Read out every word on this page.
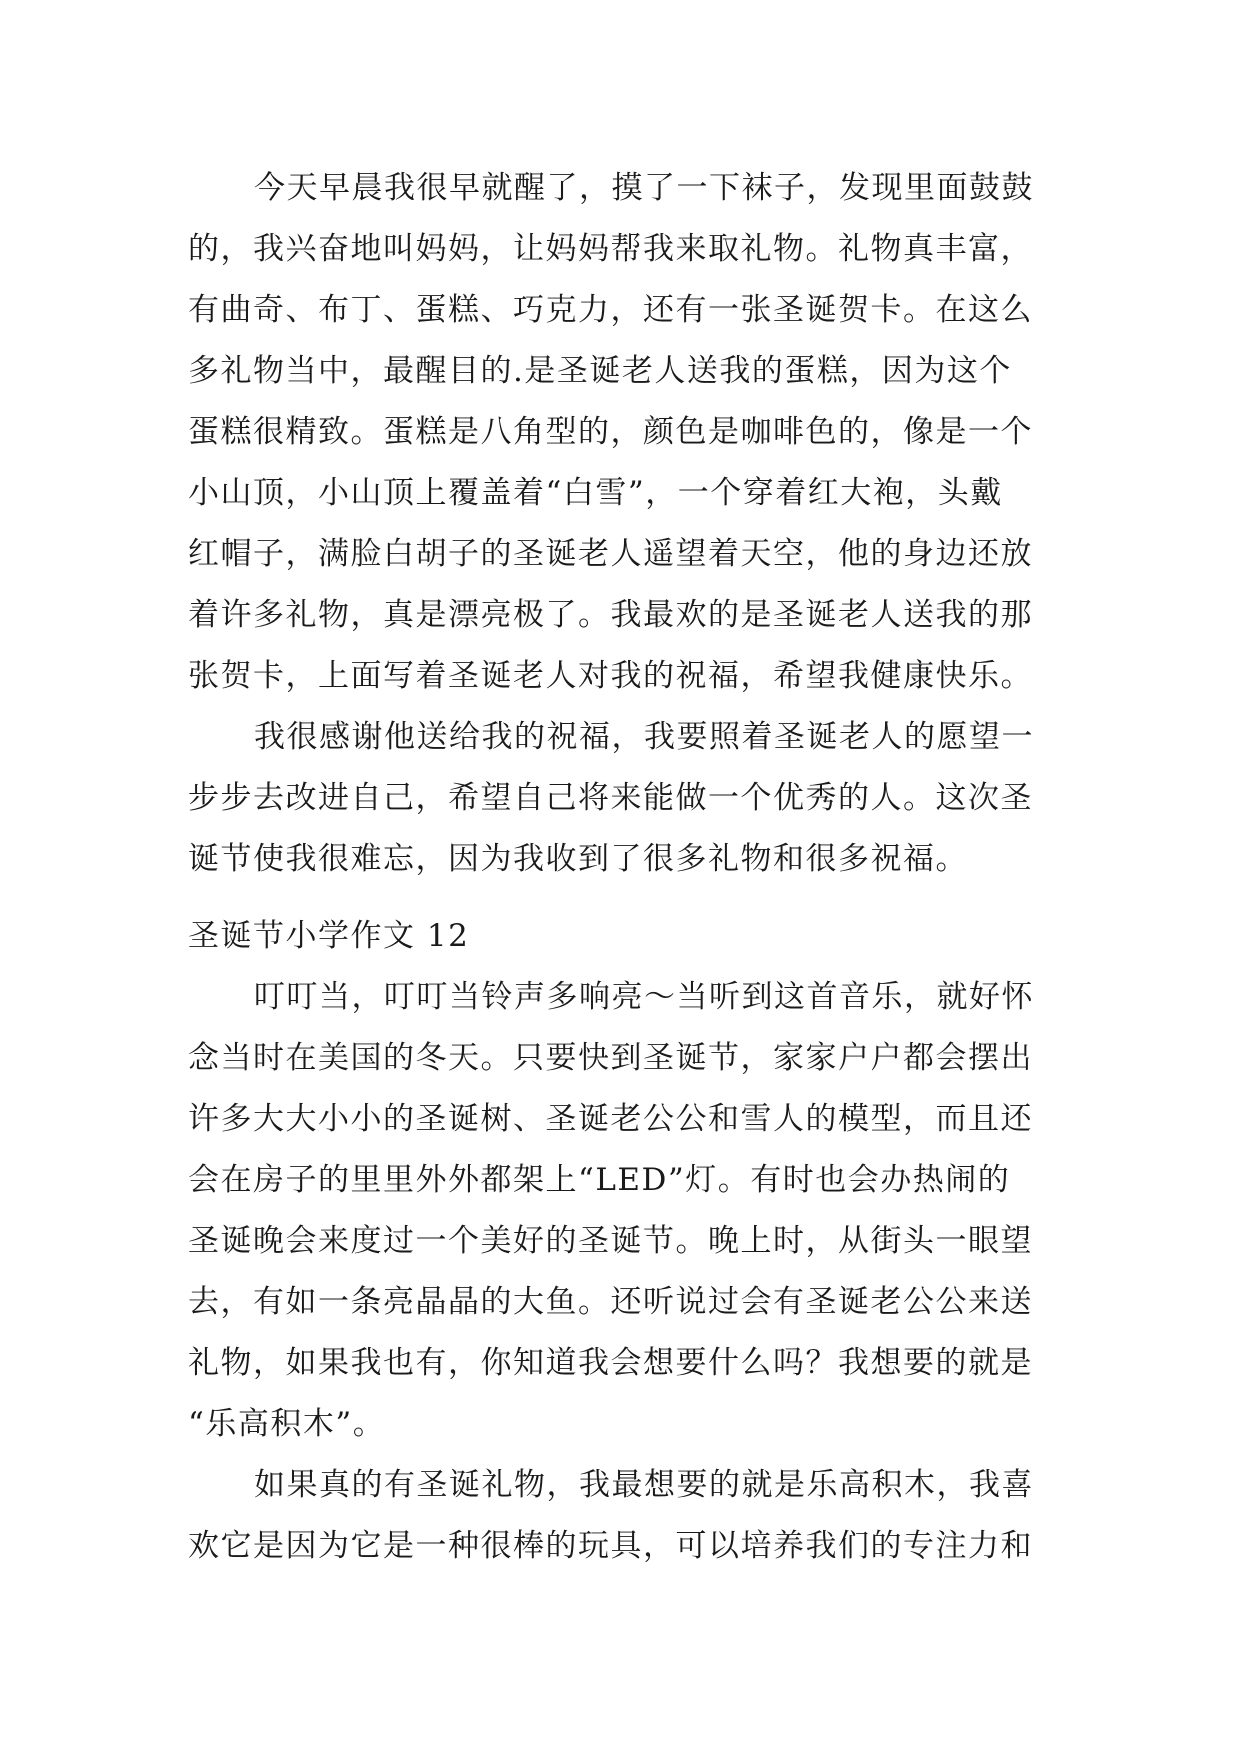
今天早晨我很早就醒了，摸了一下袜子，发现里面鼓鼓
的，我兴奋地叫妈妈，让妈妈帮我来取礼物。礼物真丰富，
有曲奇、布丁、蛋糕、巧克力，还有一张圣诞贺卡。在这么
多礼物当中，最醒目的.是圣诞老人送我的蛋糕，因为这个
蛋糕很精致。蛋糕是八角型的，颜色是咖啡色的，像是一个
小山顶，小山顶上覆盖着“白雪”，一个穿着红大袍，头戴
红帽子，满脸白胡子的圣诞老人遥望着天空，他的身边还放
着许多礼物，真是漂亮极了。我最欢的是圣诞老人送我的那
张贺卡，上面写着圣诞老人对我的祝福，希望我健康快乐。
我很感谢他送给我的祝福，我要照着圣诞老人的愿望一
步步去改进自己，希望自己将来能做一个优秀的人。这次圣
诞节使我很难忘，因为我收到了很多礼物和很多祝福。
圣诞节小学作文 12
叮叮当，叮叮当铃声多响亮～当听到这首音乐，就好怀
念当时在美国的冬天。只要快到圣诞节，家家户户都会摆出
许多大大小小的圣诞树、圣诞老公公和雪人的模型，而且还
会在房子的里里外外都架上“LED”灯。有时也会办热闹的
圣诞晚会来度过一个美好的圣诞节。晚上时，从街头一眼望
去，有如一条亮晶晶的大鱼。还听说过会有圣诞老公公来送
礼物，如果我也有，你知道我会想要什么吗？我想要的就是
“乐高积木”。
如果真的有圣诞礼物，我最想要的就是乐高积木，我喜
欢它是因为它是一种很棒的玩具，可以培养我们的专注力和
